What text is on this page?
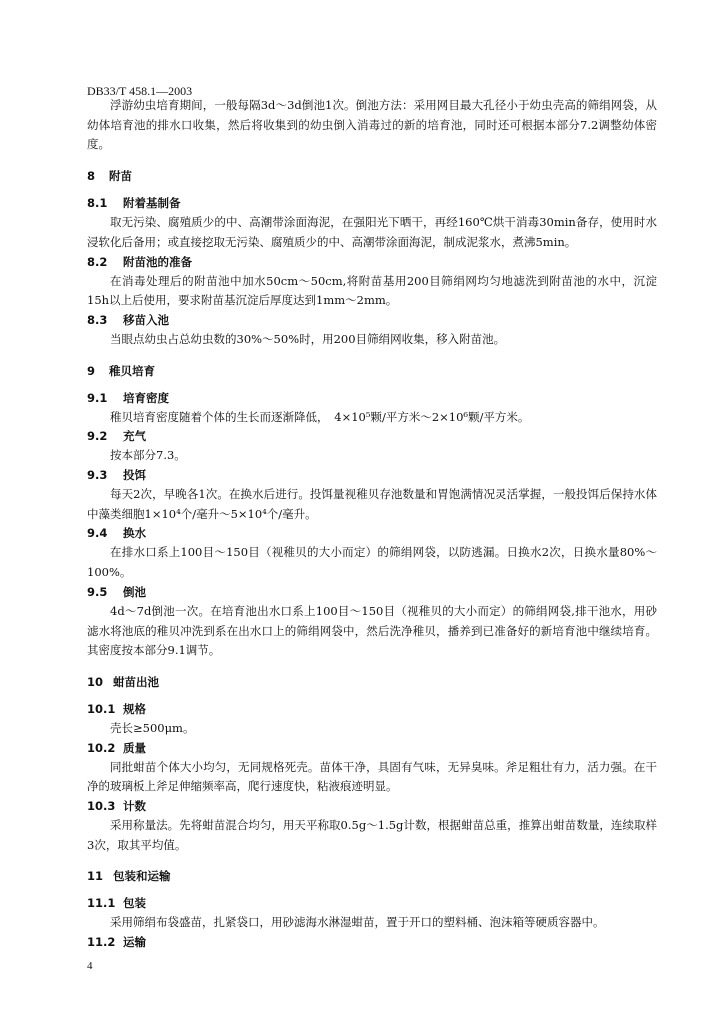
DB33/T 458.1—2003

浮游幼虫培育期间，一般每隔3d～3d倒池1次。倒池方法：采用网目最大孔径小于幼虫壳高的筛绢网袋，从幼体培育池的排水口收集，然后将收集到的幼虫倒入消毒过的新的培育池，同时还可根据本部分7.2调整幼体密度。

8 附苗
8.1 附着基制备

取无污染、腐殖质少的中、高潮带涂面海泥，在强阳光下晒干，再经160℃烘干消毒30min备存，使用时水浸软化后备用；或直接挖取无污染、腐殖质少的中、高潮带涂面海泥，制成泥浆水，煮沸5min。

8.2 附苗池的准备

在消毒处理后的附苗池中加水50cm～50cm,将附苗基用200目筛绢网均匀地滤洗到附苗池的水中，沉淀15h以上后使用，要求附苗基沉淀后厚度达到1mm～2mm。

8.3 移苗入池

当眼点幼虫占总幼虫数的30%～50%时，用200目筛绢网收集，移入附苗池。

9 稚贝培育
9.1 培育密度

稚贝培育密度随着个体的生长而逐渐降低，　4×10⁵颗/平方米～2×10⁶颗/平方米。

9.2 充气

按本部分7.3。

9.3 投饵

每天2次，早晚各1次。在换水后进行。投饵量视稚贝存池数量和胃饱满情况灵活掌握，一般投饵后保持水体中藻类细胞1×10⁴个/毫升～5×10⁴个/毫升。

9.4 换水

在排水口系上100目～150目（视稚贝的大小而定）的筛绢网袋，以防逃漏。日换水2次，日换水量80%～100%。

9.5 倒池

4d～7d倒池一次。在培育池出水口系上100目～150目（视稚贝的大小而定）的筛绢网袋,排干池水，用砂滤水将池底的稚贝冲洗到系在出水口上的筛绢网袋中，然后洗净稚贝，播养到已准备好的新培育池中继续培育。其密度按本部分9.1调节。

10 蚶苗出池
10.1 规格

壳长≥500μm。

10.2 质量

同批蚶苗个体大小均匀，无同规格死壳。苗体干净，具固有气味，无异臭味。斧足粗壮有力，活力强。在干净的玻璃板上斧足伸缩频率高，爬行速度快，粘液痕迹明显。

10.3 计数

采用称量法。先将蚶苗混合均匀，用天平称取0.5g～1.5g计数，根据蚶苗总重，推算出蚶苗数量，连续取样3次，取其平均值。

11 包装和运输
11.1 包装

采用筛绢布袋盛苗，扎紧袋口，用砂滤海水淋湿蚶苗，置于开口的塑料桶、泡沫箱等硬质容器中。

11.2 运输
4
